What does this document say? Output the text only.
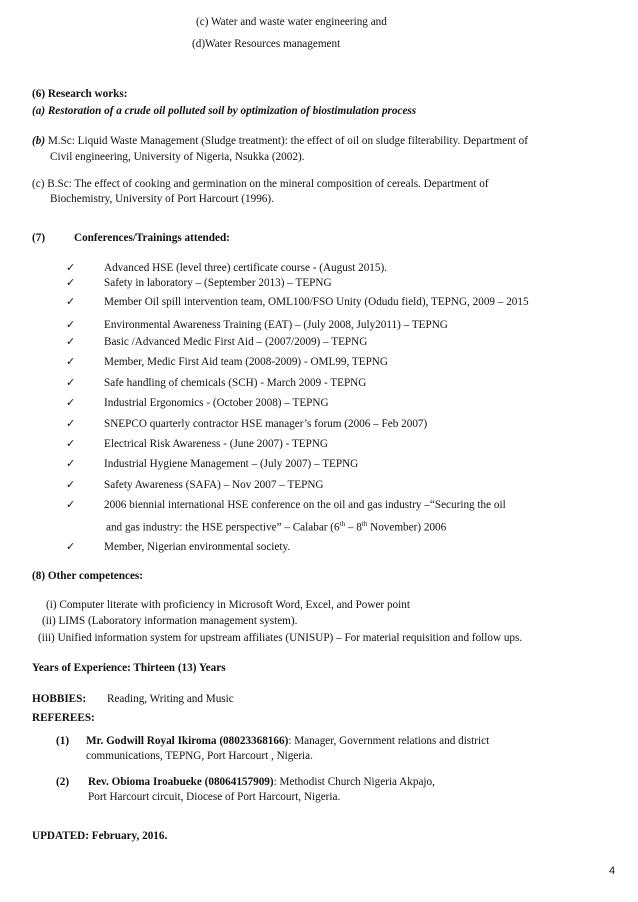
(c) Water and waste water engineering and
(d)Water Resources management
(6) Research works:
(a) Restoration of a crude oil polluted soil by optimization of biostimulation process
(b) M.Sc: Liquid Waste Management (Sludge treatment): the effect of oil on sludge filterability. Department of
Civil engineering, University of Nigeria, Nsukka (2002).
(c) B.Sc: The effect of cooking and germination on the mineral composition of cereals. Department of
Biochemistry, University of Port Harcourt (1996).
(7)	Conferences/Trainings attended:
✓	Advanced HSE (level three) certificate course - (August 2015).
✓	Safety in laboratory – (September 2013) – TEPNG
✓	Member Oil spill intervention team, OML100/FSO Unity (Odudu field), TEPNG, 2009 – 2015
✓	Environmental Awareness Training (EAT) – (July 2008, July2011) – TEPNG
✓	Basic /Advanced Medic First Aid – (2007/2009) – TEPNG
✓	Member, Medic First Aid team (2008-2009) - OML99, TEPNG
✓	Safe handling of chemicals (SCH) - March 2009 - TEPNG
✓	Industrial Ergonomics - (October 2008) – TEPNG
✓	SNEPCO quarterly contractor HSE manager’s forum (2006 – Feb 2007)
✓	Electrical Risk Awareness - (June 2007) - TEPNG
✓	Industrial Hygiene Management – (July 2007) – TEPNG
✓	Safety Awareness (SAFA) – Nov 2007 – TEPNG
✓	2006 biennial international HSE conference on the oil and gas industry –“Securing the oil
and gas industry: the HSE perspective” – Calabar (6th – 8th November) 2006
✓	Member, Nigerian environmental society.
(8) Other competences:
(i) Computer literate with proficiency in Microsoft Word, Excel, and Power point
(ii) LIMS (Laboratory information management system).
(iii) Unified information system for upstream affiliates (UNISUP) – For material requisition and follow ups.
Years of Experience: Thirteen (13) Years
HOBBIES: Reading, Writing and Music
REFEREES:
(1) Mr. Godwill Royal Ikiroma (08023368166): Manager, Government relations and district
communications, TEPNG, Port Harcourt , Nigeria.
(2) Rev. Obioma Iroabueke (08064157909): Methodist Church Nigeria Akpajo,
Port Harcourt circuit, Diocese of Port Harcourt, Nigeria.
UPDATED: February, 2016.
4
